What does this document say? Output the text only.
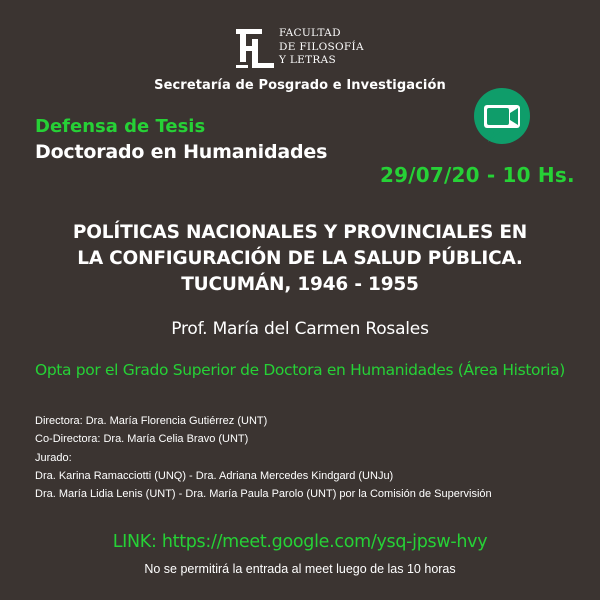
FACULTAD
DE FILOSOFÍA
Y LETRAS
Secretaría de Posgrado e Investigación
Defensa de Tesis
Doctorado en Humanidades
29/07/20 - 10 Hs.
POLÍTICAS NACIONALES Y PROVINCIALES EN
LA CONFIGURACIÓN DE LA SALUD PÚBLICA.
TUCUMÁN, 1946 - 1955
Prof. María del Carmen Rosales
Opta por el Grado Superior de Doctora en Humanidades (Área Historia)
Directora: Dra. María Florencia Gutiérrez (UNT)
Co-Directora: Dra. María Celia Bravo (UNT)
Jurado:
Dra. Karina Ramacciotti (UNQ) - Dra. Adriana Mercedes Kindgard (UNJu)
Dra. María Lidia Lenis (UNT) - Dra. María Paula Parolo (UNT) por la Comisión de Supervisión
LINK: https://meet.google.com/ysq-jpsw-hvy
No se permitirá la entrada al meet luego de las 10 horas
